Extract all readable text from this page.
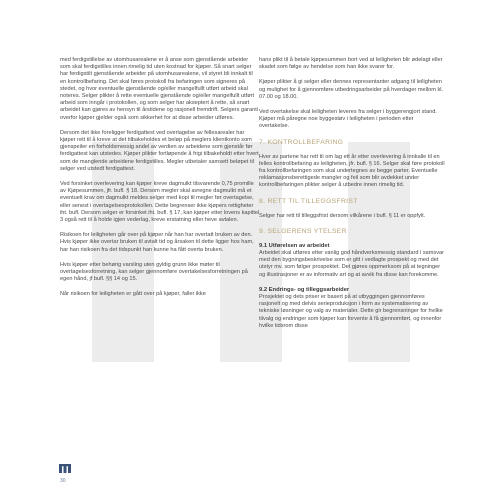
med ferdigstillelse av utomhusarealene er å anse som gjenstående arbeider som skal ferdigstilles innen rimelig tid uten kostnad for kjøper. Så snart selger har ferdigstilt gjenstående arbeider på utomhusarealene, vil styret bli innkalt til en kontrollbefaring. Det skal føres protokoll fra befaringen som signeres på stedet, og hvor eventuelle gjenstående og/eller mangelfullt utført arbeid skal noteres. Selger plikter å rette eventuelle gjenstående og/eller mangelfullt utført arbeid som inngår i protokollen, og som selger har akseptert å rette, så snart arbeidet kan gjøres av hensyn til årstidene og rasjonell fremdrift. Selgers garanti overfor kjøper gjelder også som sikkerhet for at disse arbeider utføres.

Dersom det ikke foreligger ferdigattest ved overlagelse av fellesarealer har kjøper rett til å kreve at det tilbakeholdes et beløp på meglers klientkonto som gjenspeiler en forholdsmessig andel av verdien av arbeidene som gjenstår før ferdigattest kan utstedes. Kjøper plikter fortløpende å frigi tilbakeholdt etter hvert som de manglende arbeidene ferdigstilles. Megler utbetaler samsett beløpet til selger ved utstedt ferdigattest.

Ved forsinket overlevering kan kjøper kreve dagmulkt tilsvarende 0,75 promille av Kjøpesummen, jfr. bufl. § 18. Dersom megler skal avregne dagmulkt må et eventuelt krav om dagmulkt meldes selger med kopi til megler før overtagelse, eller senest i overtagelsesprotokollen. Dette begrenser ikke kjøpers rettigheter iht. bufl. Dersom selger er forsinket iht. bufl. § 17, kan kjøper etter lovens kapittel 3 også rett til å holde igjen vederlag, kreve erstatning eller heve avtalen.

Risikoen for leiligheten går over på kjøper når han har overtatt bruken av den. Hvis kjøper ikke overtar bruken til avtalt tid og årsaken til dette ligger hos ham, har han risikoen fra det tidspunkt han kunne ha fått overta bruken.

Hvis kjøper etter behørig varsling uten gyldig grunn ikke møter til overtagelsesforretning, kan selger gjennomføre overtakelsesforretningen på egen hånd, jf bufl. §§ 14 og 15.

Når risikoen for leiligheten er gått over på kjøper, faller ikke

hans plikt til å betale kjøpesummen bort ved at leiligheten blir ødelagt eller skadet som følge av hendelse som han ikke svarer for.

Kjøper plikter å gi selger eller dennes representanter adgang til leiligheten og mulighet for å gjennomføre utbedringsarbeider på hverdager mellom kl. 07.00 og 18.00.

Ved overtakelse skal leiligheten leveres fra selger i byggerengjort stand. Kjøper må påregne noe byggestøv i leiligheten i perioden etter overtakelse.

7. KONTROLLBEFARING

Hver av partene har rett til om lag ett år etter overlevering å innkalle til en felles kontrollbefaring av leiligheten, jfr. bufl. § 16. Selger skal føre protokoll fra kontrollbefaringen som skal undertegnes av begge parter. Eventuelle reklamasjonsberettigede mangler og feil som blir avdekket under kontrollbefaringen plikter selger å utbedre innen rimelig tid.

8. RETT TIL TILLEGGSFRIST

Selger har rett til tilleggsfrist dersom vilkårene i bufl. § 11 er oppfylt.

9. SELGERENS YTELSER
9.1 Utførelsen av arbeidet

Arbeidet skal utføres etter vanlig god håndverksmessig standard i samsvar med den bygningsbeskrivelse som er gitt i vedlagte prospekt og med det utstyr mv. som følger prospektet. Det gjøres oppmerksom på at tegninger og illustrasjoner er av informativ art og at avvik fra disse kan forekomme.

9.2 Endrings- og tilleggsarbeider

Prosjektet og dets priser er basert på at utbyggingen gjennomføres rasjonelt og med delvis serieproduksjon i form av systematisering av tekniske løsninger og valg av materialer. Dette gir begrensninger for hvilke tilvalg og endringer som kjøper kan forvente å få gjennomført, og innenfor hvilke tidsrom disse

30
